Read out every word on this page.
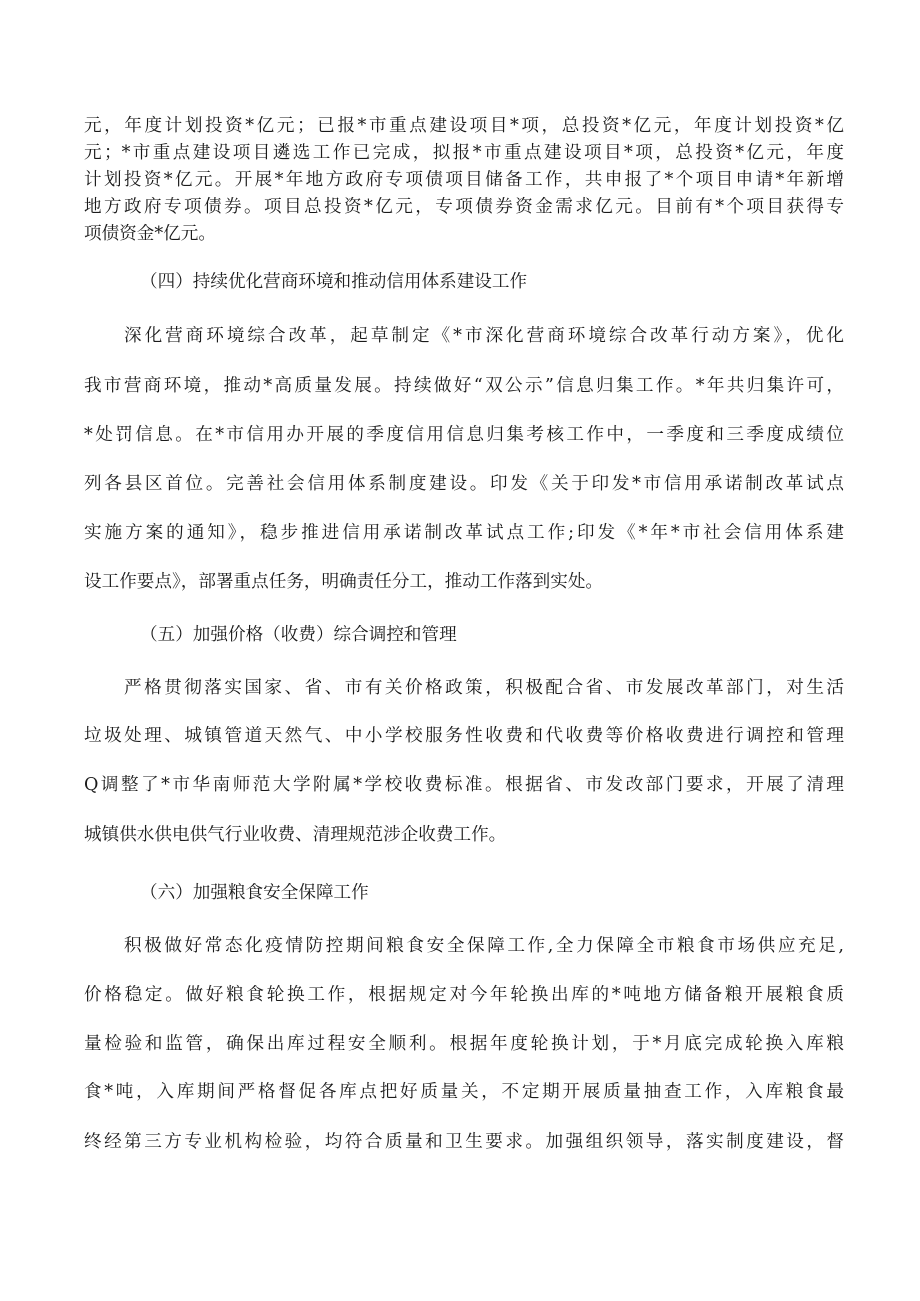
元，年度计划投资*亿元；已报*市重点建设项目*项，总投资*亿元，年度计划投资*亿
元；*市重点建设项目遴选工作已完成，拟报*市重点建设项目*项，总投资*亿元，年度
计划投资*亿元。开展*年地方政府专项债项目储备工作，共申报了*个项目申请*年新增
地方政府专项债券。项目总投资*亿元，专项债券资金需求亿元。目前有*个项目获得专
项债资金*亿元。
（四）持续优化营商环境和推动信用体系建设工作
深化营商环境综合改革，起草制定《*市深化营商环境综合改革行动方案》，优化
我市营商环境，推动*高质量发展。持续做好“双公示”信息归集工作。*年共归集许可，
*处罚信息。在*市信用办开展的季度信用信息归集考核工作中，一季度和三季度成绩位
列各县区首位。完善社会信用体系制度建设。印发《关于印发*市信用承诺制改革试点
实施方案的通知》，稳步推进信用承诺制改革试点工作;印发《*年*市社会信用体系建
设工作要点》，部署重点任务，明确责任分工，推动工作落到实处。
（五）加强价格（收费）综合调控和管理
严格贯彻落实国家、省、市有关价格政策，积极配合省、市发展改革部门，对生活
垃圾处理、城镇管道天然气、中小学校服务性收费和代收费等价格收费进行调控和管理
Q调整了*市华南师范大学附属*学校收费标准。根据省、市发改部门要求，开展了清理
城镇供水供电供气行业收费、清理规范涉企收费工作。
（六）加强粮食安全保障工作
积极做好常态化疫情防控期间粮食安全保障工作,全力保障全市粮食市场供应充足,
价格稳定。做好粮食轮换工作，根据规定对今年轮换出库的*吨地方储备粮开展粮食质
量检验和监管，确保出库过程安全顺利。根据年度轮换计划，于*月底完成轮换入库粮
食*吨，入库期间严格督促各库点把好质量关，不定期开展质量抽查工作，入库粮食最
终经第三方专业机构检验，均符合质量和卫生要求。加强组织领导，落实制度建设，督
